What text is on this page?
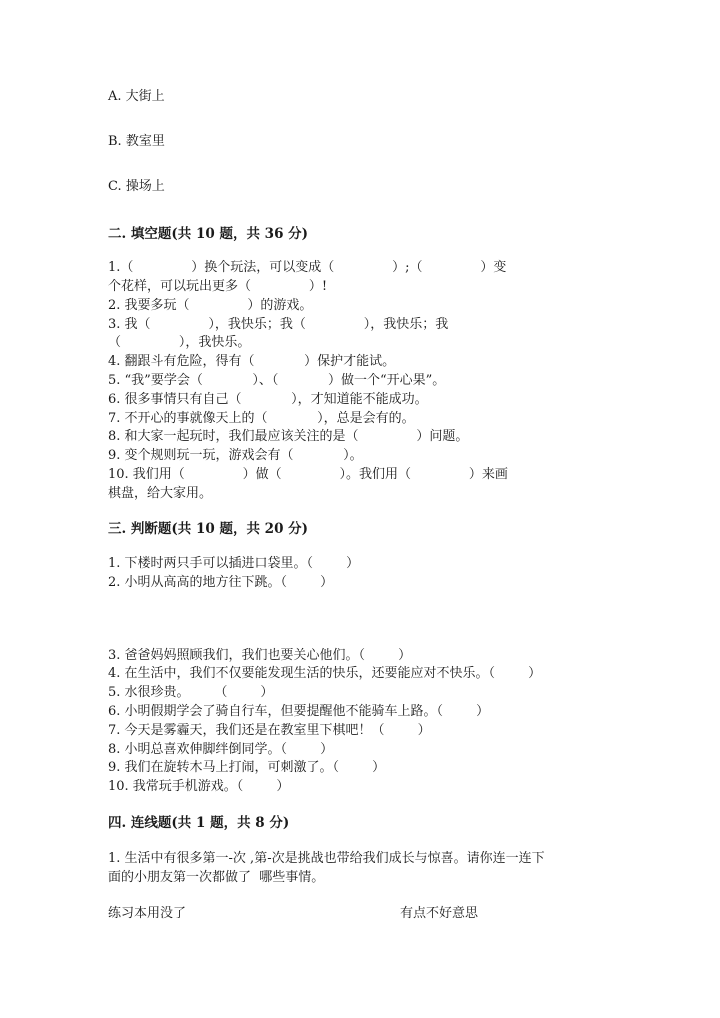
A. 大街上
B. 教室里
C. 操场上
二. 填空题(共 10 题，共 36 分)
1.（              ）换个玩法，可以变成（              ）;（              ）变
个花样，可以玩出更多（              ）!
2. 我要多玩（              ）的游戏。
3. 我（              ），我快乐；我（              ），我快乐；我
（              ），我快乐。
4. 翻跟斗有危险，得有（            ）保护才能试。
5. “我”要学会（            ）、（            ）做一个“开心果”。
6. 很多事情只有自己（            ），才知道能不能成功。
7. 不开心的事就像天上的（            ），总是会有的。
8. 和大家一起玩时，我们最应该关注的是（              ）问题。
9. 变个规则玩一玩，游戏会有（            ）。
10. 我们用（              ）做（              ）。我们用（              ）来画
棋盘，给大家用。
三. 判断题(共 10 题，共 20 分)
1. 下楼时两只手可以插进口袋里。（        ）
2. 小明从高高的地方往下跳。（        ）
3. 爸爸妈妈照顾我们，我们也要关心他们。（        ）
4. 在生活中，我们不仅要能发现生活的快乐，还要能应对不快乐。（        ）
5. 水很珍贵。      （        ）
6. 小明假期学会了骑自行车，但要提醒他不能骑车上路。（        ）
7. 今天是雾霾天，我们还是在教室里下棋吧！（        ）
8. 小明总喜欢伸脚绊倒同学。（        ）
9. 我们在旋转木马上打闹，可刺激了。（        ）
10. 我常玩手机游戏。（        ）
四. 连线题(共 1 题，共 8 分)
1. 生活中有很多第一-次 ,第-次是挑战也带给我们成长与惊喜。请你连一连下
面的小朋友第一次都做了  哪些事情。
练习本用没了	有点不好意思
